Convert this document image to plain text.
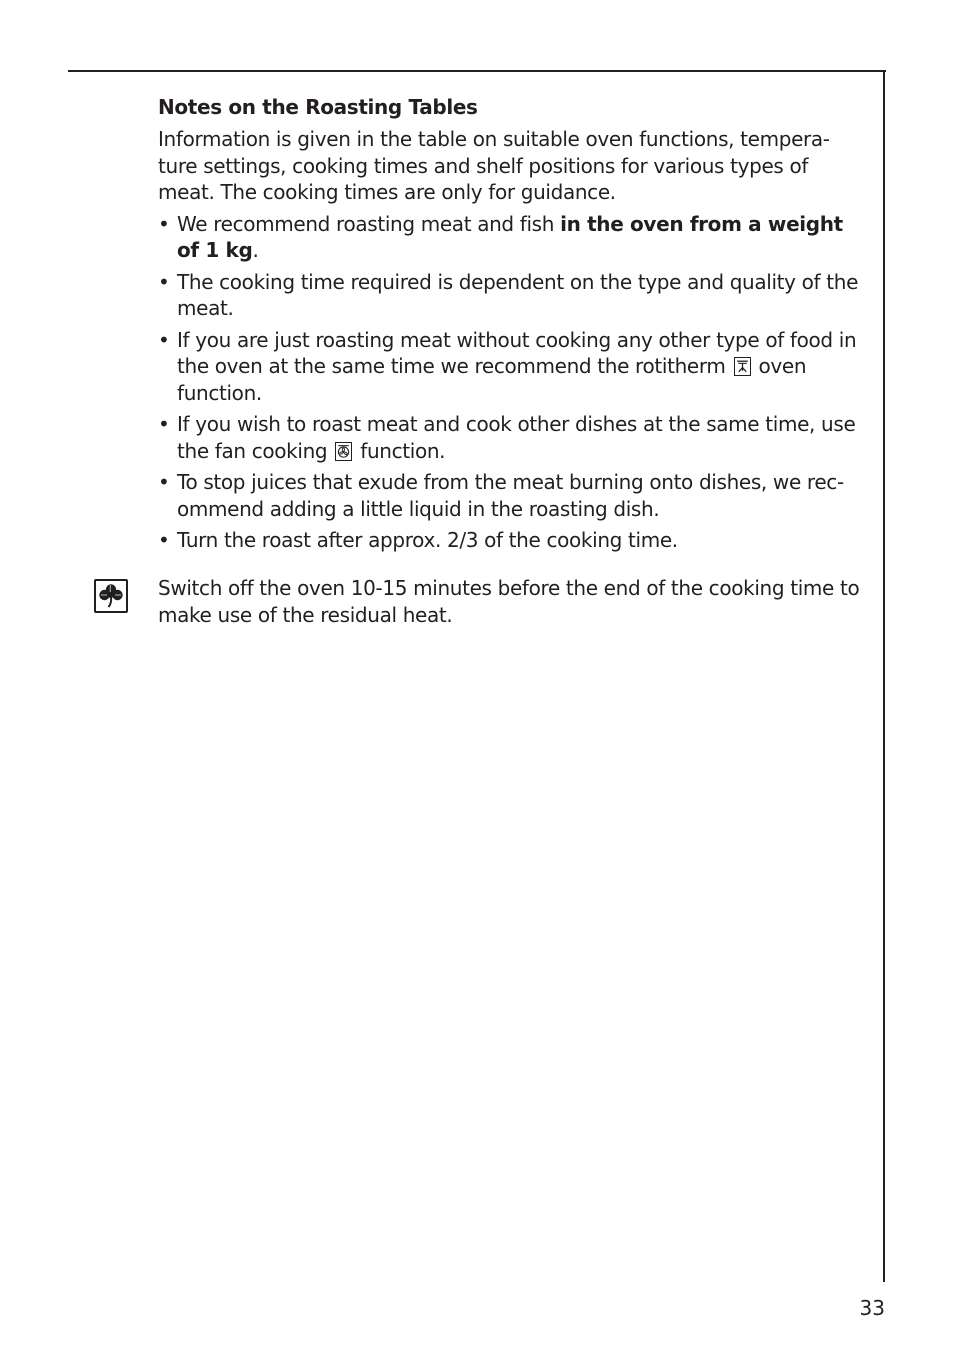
Notes on the Roasting Tables
Information is given in the table on suitable oven functions, tempera- ture settings, cooking times and shelf positions for various types of meat. The cooking times are only for guidance.
• We recommend roasting meat and fish in the oven from a weight of 1 kg.
• The cooking time required is dependent on the type and quality of the meat.
• If you are just roasting meat without cooking any other type of food in the oven at the same time we recommend the rotitherm oven function.
• If you wish to roast meat and cook other dishes at the same time, use the fan cooking function.
• To stop juices that exude from the meat burning onto dishes, we rec- ommend adding a little liquid in the roasting dish.
• Turn the roast after approx. 2/3 of the cooking time.
Switch off the oven 10-15 minutes before the end of the cooking time to make use of the residual heat.
33
